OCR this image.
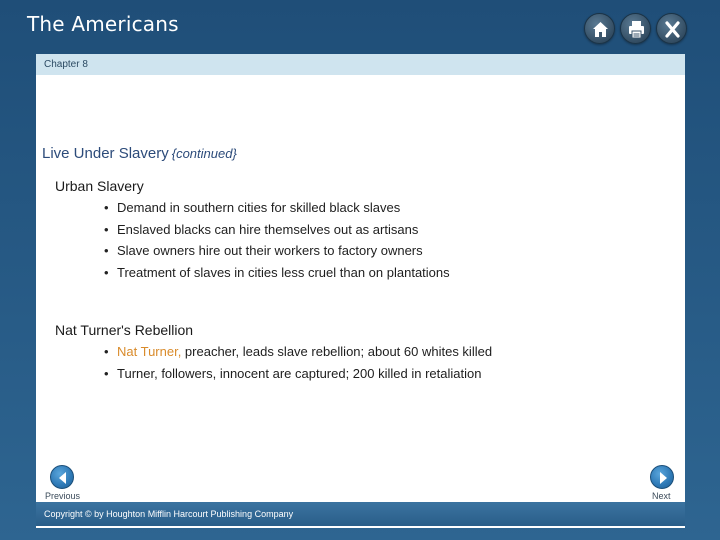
The Americans
Chapter 8
Live Under Slavery {continued}
Urban Slavery
• Demand in southern cities for skilled black slaves
• Enslaved blacks can hire themselves out as artisans
• Slave owners hire out their workers to factory owners
• Treatment of slaves in cities less cruel than on plantations
Nat Turner's Rebellion
• Nat Turner, preacher, leads slave rebellion; about 60 whites killed
• Turner, followers, innocent are captured; 200 killed in retaliation
Previous	Next
Copyright © by Houghton Mifflin Harcourt Publishing Company
